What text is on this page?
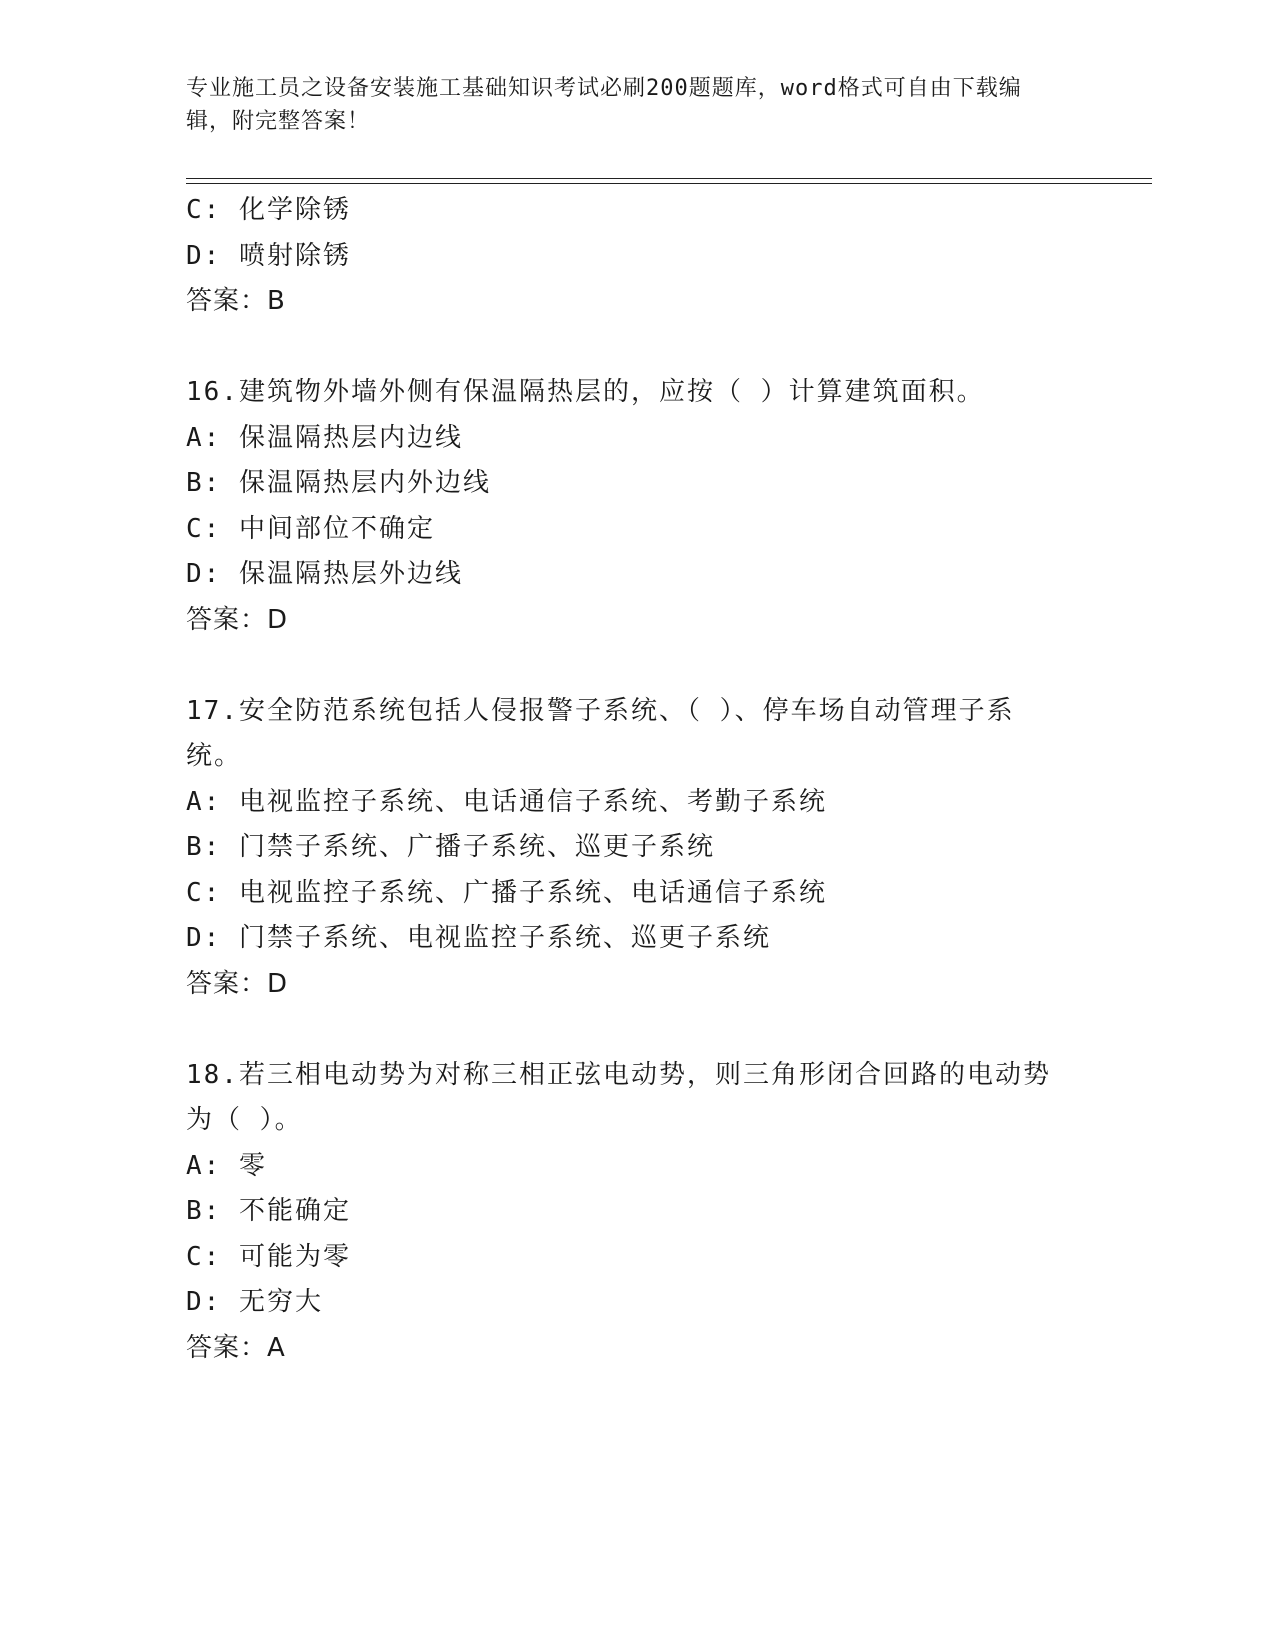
专业施工员之设备安装施工基础知识考试必刷200题题库，word格式可自由下载编辑，附完整答案！
C: 化学除锈
D: 喷射除锈
答案：B
16.建筑物外墙外侧有保温隔热层的，应按（ ）计算建筑面积。
A: 保温隔热层内边线
B: 保温隔热层内外边线
C: 中间部位不确定
D: 保温隔热层外边线
答案：D
17.安全防范系统包括人侵报警子系统、（ ）、停车场自动管理子系统。
A: 电视监控子系统、电话通信子系统、考勤子系统
B: 门禁子系统、广播子系统、巡更子系统
C: 电视监控子系统、广播子系统、电话通信子系统
D: 门禁子系统、电视监控子系统、巡更子系统
答案：D
18.若三相电动势为对称三相正弦电动势，则三角形闭合回路的电动势为（ ）。
A: 零
B: 不能确定
C: 可能为零
D: 无穷大
答案：A
